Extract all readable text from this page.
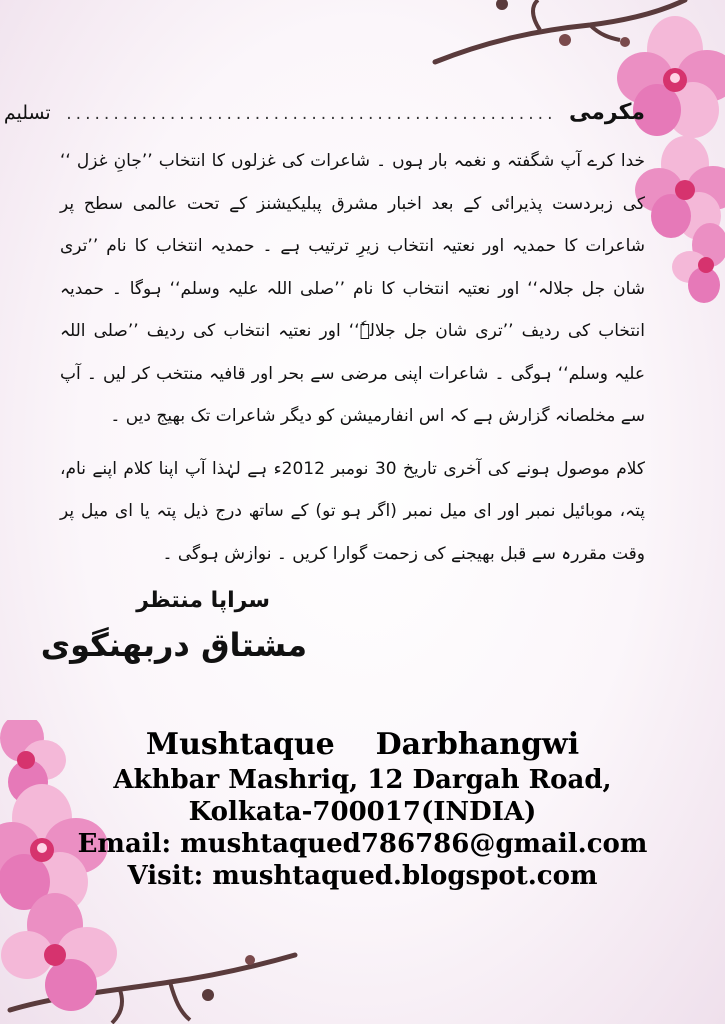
مکرمی
....................................................
تسلیم

خدا کرے آپ شگفتہ و نغمہ بار ہوں ۔ شاعرات کی غزلوں کا انتخاب ’’جانِ غزل ‘‘ کی زبردست پذیرائی کے بعد اخبار مشرق پبلیکیشنز کے تحت عالمی سطح پر شاعرات کا حمدیہ اور نعتیہ انتخاب زیرِ ترتیب ہے ۔ حمدیہ انتخاب کا نام ’’تری شان جل جلالہ‘‘ اور نعتیہ انتخاب کا نام ’’صلی اللہ علیہ وسلم‘‘ ہوگا ۔ حمدیہ انتخاب کی ردیف ’’تری شان جل جلالہٗ‘‘ اور نعتیہ انتخاب کی ردیف ’’صلی اللہ علیہ وسلم‘‘ ہوگی ۔ شاعرات اپنی مرضی سے بحر اور قافیہ منتخب کر لیں ۔ آپ سے مخلصانہ گزارش ہے کہ اس انفارمیشن کو دیگر شاعرات تک بھیج دیں ۔

کلام موصول ہونے کی آخری تاریخ 30 نومبر 2012ء ہے لہٰذا آپ اپنا کلام اپنے نام، پتہ، موبائیل نمبر اور ای میل نمبر (اگر ہو تو) کے ساتھ درج ذیل پتہ یا ای میل پر وقت مقررہ سے قبل بھیجنے کی زحمت گوارا کریں ۔ نوازش ہوگی ۔

سراپا منتظر
مشتاق دربھنگوی
Mushtaque  Darbhangwi
Akhbar Mashriq, 12 Dargah Road,
Kolkata-700017(INDIA)
Email: mushtaqued786786@gmail.com
Visit: mushtaqued.blogspot.com
